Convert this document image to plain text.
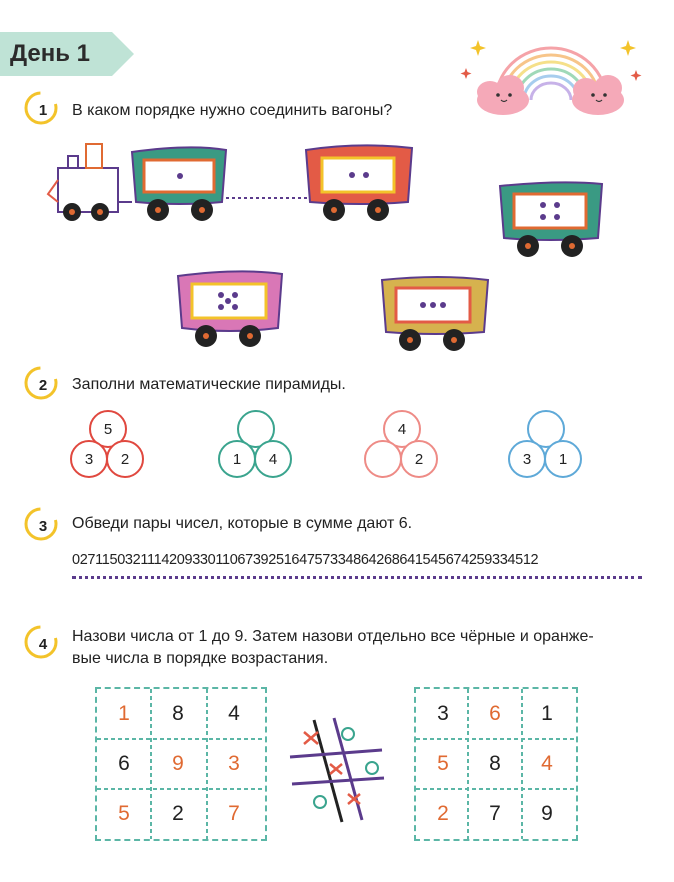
День 1
1 В каком порядке нужно соединить вагоны?
2 Заполни математические пирамиды.
5
3	2	1	4
4
2	3	1
3 Обведи пары чисел, которые в сумме дают 6.
0271150321114209330110673925164757334864268641545674259334512
4 Назови числа от 1 до 9. Затем назови отдельно все чёрные и оранже-
вые числа в порядке возрастания.
1	8	4
6	9	3
5	2	7
3	6	1
5	8	4
2	7	9
